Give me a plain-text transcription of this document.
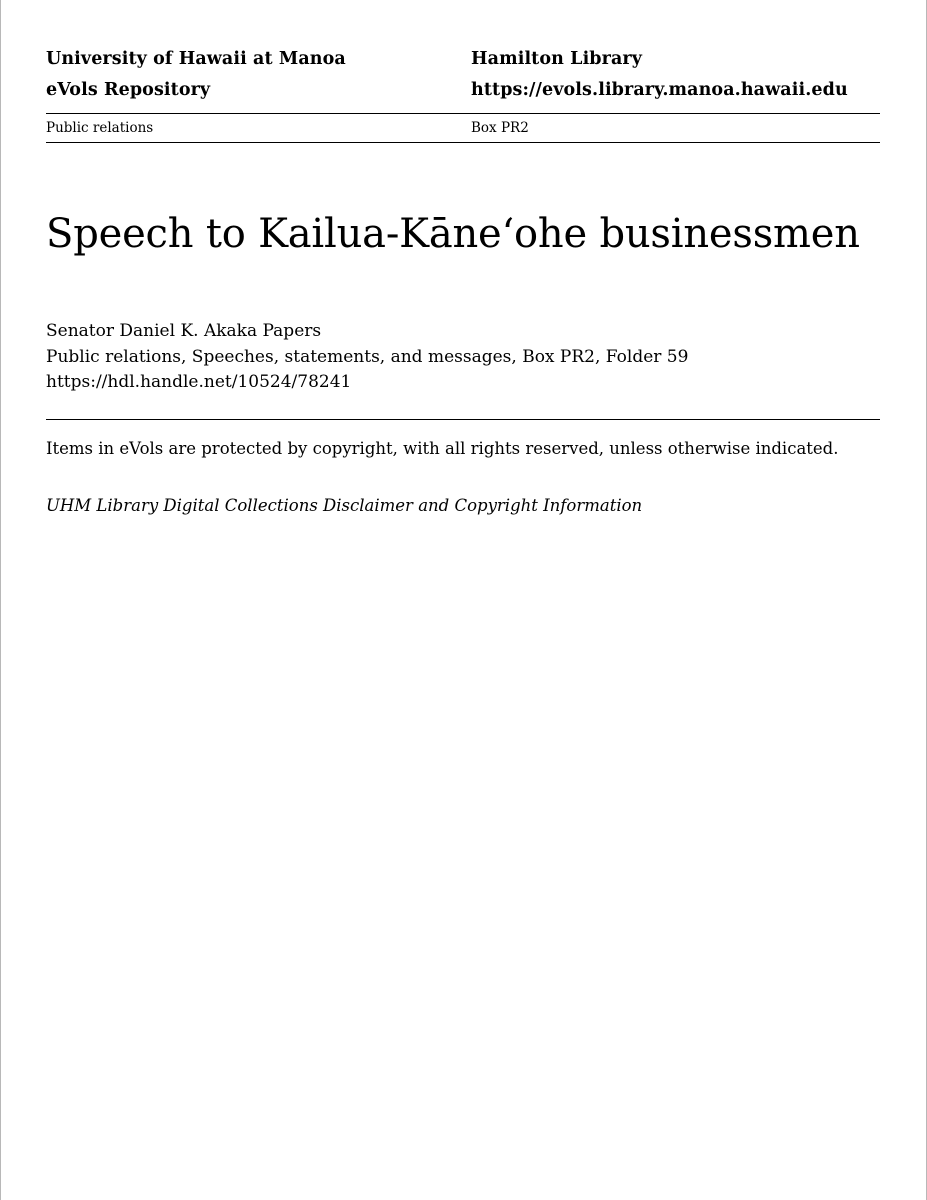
University of Hawaii at Manoa	Hamilton Library
eVols Repository	https://evols.library.manoa.hawaii.edu
Public relations	Box PR2
Speech to Kailua-Kāne‘ohe businessmen
Senator Daniel K. Akaka Papers
Public relations, Speeches, statements, and messages, Box PR2, Folder 59
https://hdl.handle.net/10524/78241
Items in eVols are protected by copyright, with all rights reserved, unless otherwise indicated.
UHM Library Digital Collections Disclaimer and Copyright Information
